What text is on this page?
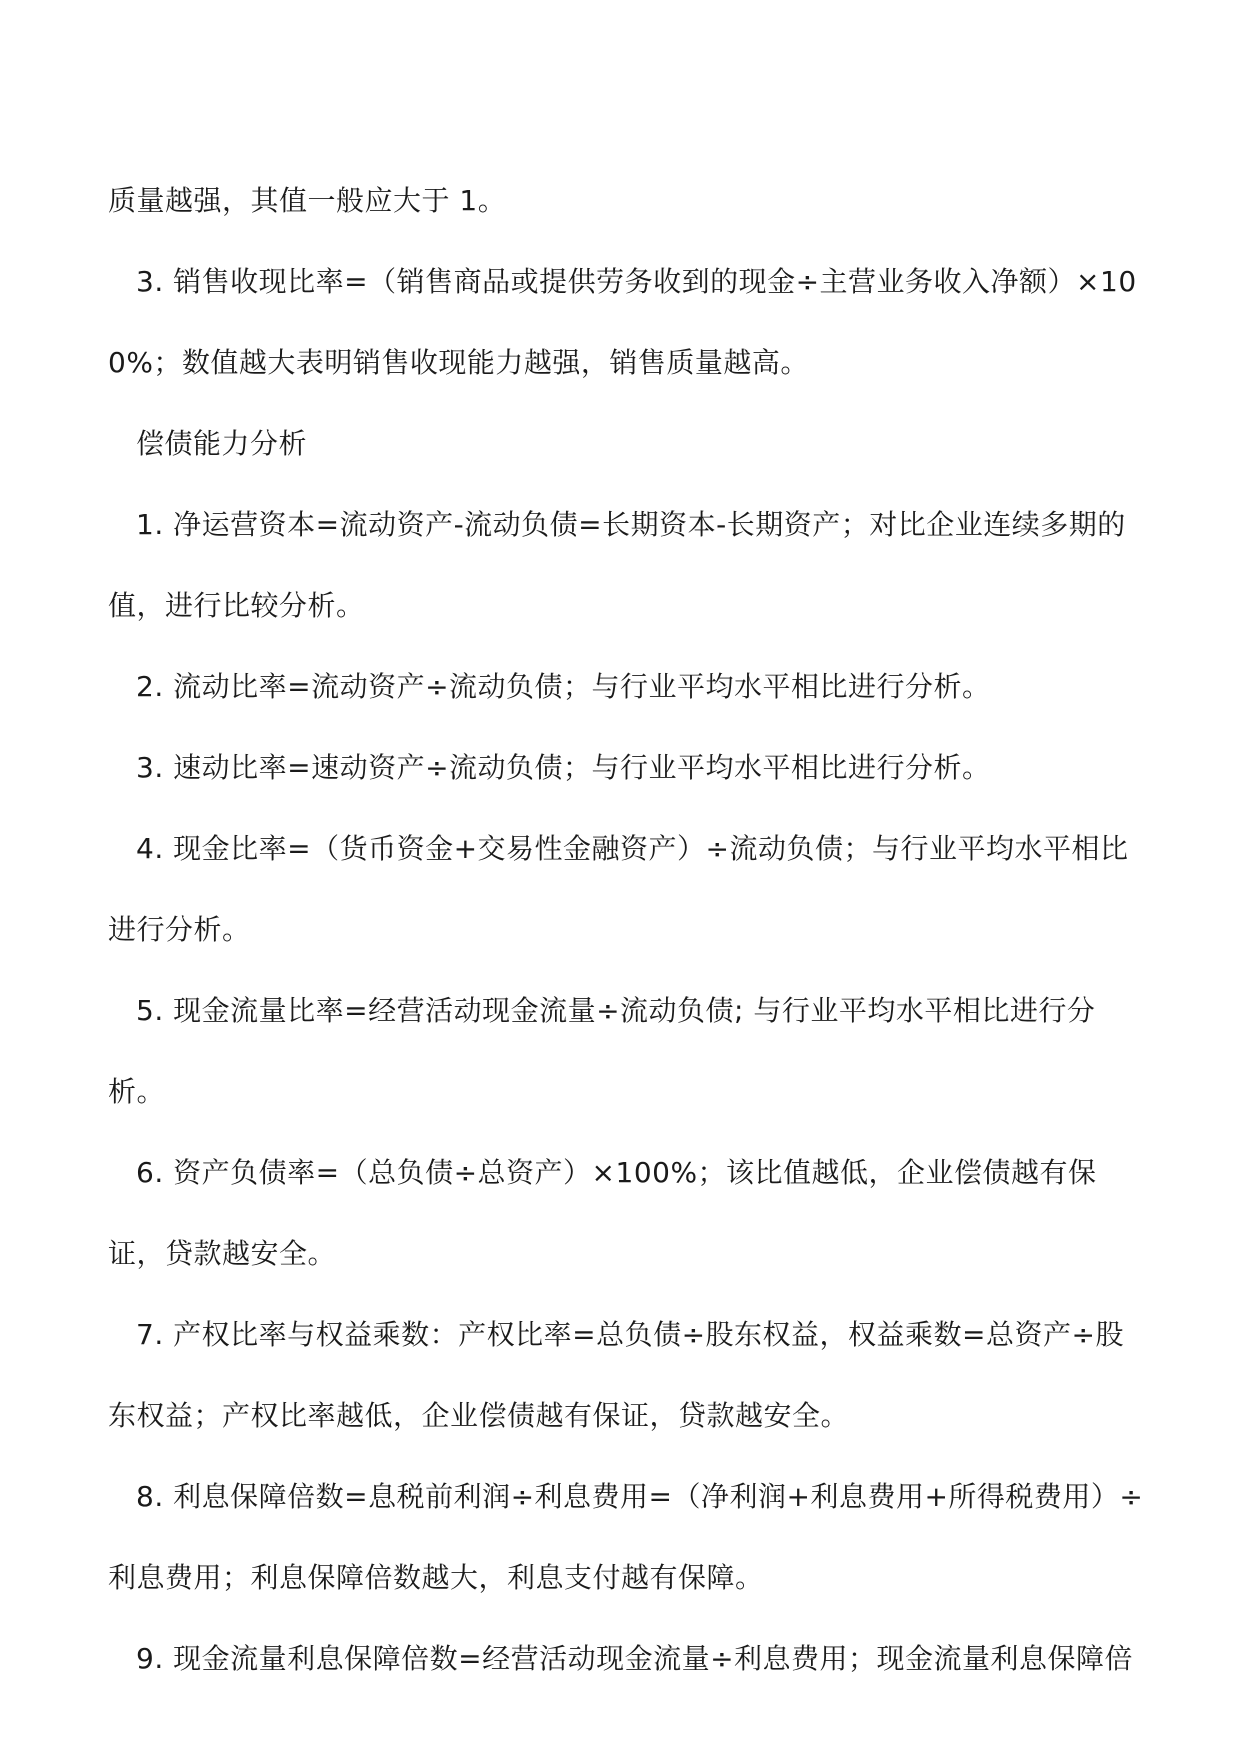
质量越强，其值一般应大于 1。

3. 销售收现比率=（销售商品或提供劳务收到的现金÷主营业务收入净额）×100%；数值越大表明销售收现能力越强，销售质量越高。

偿债能力分析

1. 净运营资本=流动资产-流动负债=长期资本-长期资产；对比企业连续多期的值，进行比较分析。

2. 流动比率=流动资产÷流动负债；与行业平均水平相比进行分析。

3. 速动比率=速动资产÷流动负债；与行业平均水平相比进行分析。

4. 现金比率=（货币资金+交易性金融资产）÷流动负债；与行业平均水平相比进行分析。

5. 现金流量比率=经营活动现金流量÷流动负债; 与行业平均水平相比进行分析。

6. 资产负债率=（总负债÷总资产）×100%；该比值越低，企业偿债越有保证，贷款越安全。

7. 产权比率与权益乘数：产权比率=总负债÷股东权益，权益乘数=总资产÷股东权益；产权比率越低，企业偿债越有保证，贷款越安全。

8. 利息保障倍数=息税前利润÷利息费用=（净利润+利息费用+所得税费用）÷利息费用；利息保障倍数越大，利息支付越有保障。

9. 现金流量利息保障倍数=经营活动现金流量÷利息费用；现金流量利息保障倍
